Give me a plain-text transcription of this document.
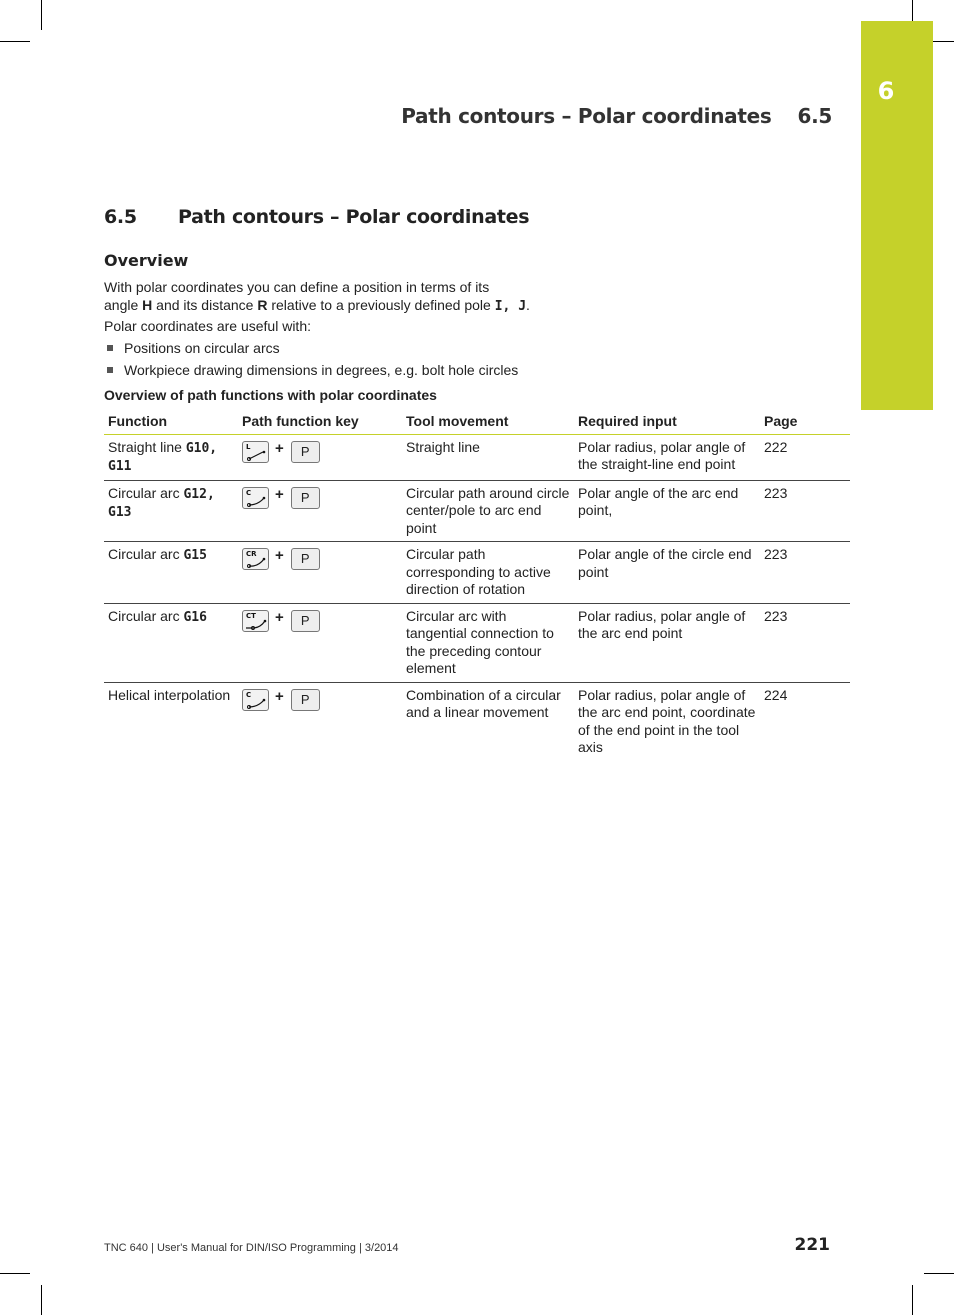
6
Path contours – Polar coordinates 6.5
6.5 Path contours – Polar coordinates
Overview
With polar coordinates you can define a position in terms of its
angle H and its distance R relative to a previously defined pole I, J.
Polar coordinates are useful with:
Positions on circular arcs
Workpiece drawing dimensions in degrees, e.g. bolt hole circles
Overview of path functions with polar coordinates
Function	Path function key	Tool movement	Required input	Page
Straight line G10, G11	L + P	Straight line	Polar radius, polar angle of the straight-line end point	222
Circular arc G12, G13	C + P	Circular path around circle center/pole to arc end point	Polar angle of the arc end point,	223
Circular arc G15	CR + P	Circular path corresponding to active direction of rotation	Polar angle of the circle end point	223
Circular arc G16	CT + P	Circular arc with tangential connection to the preceding contour element	Polar radius, polar angle of the arc end point	223
Helical interpolation	C + P	Combination of a circular and a linear movement	Polar radius, polar angle of the arc end point, coordinate of the end point in the tool axis	224
TNC 640 | User's Manual for DIN/ISO Programming | 3/2014	221
